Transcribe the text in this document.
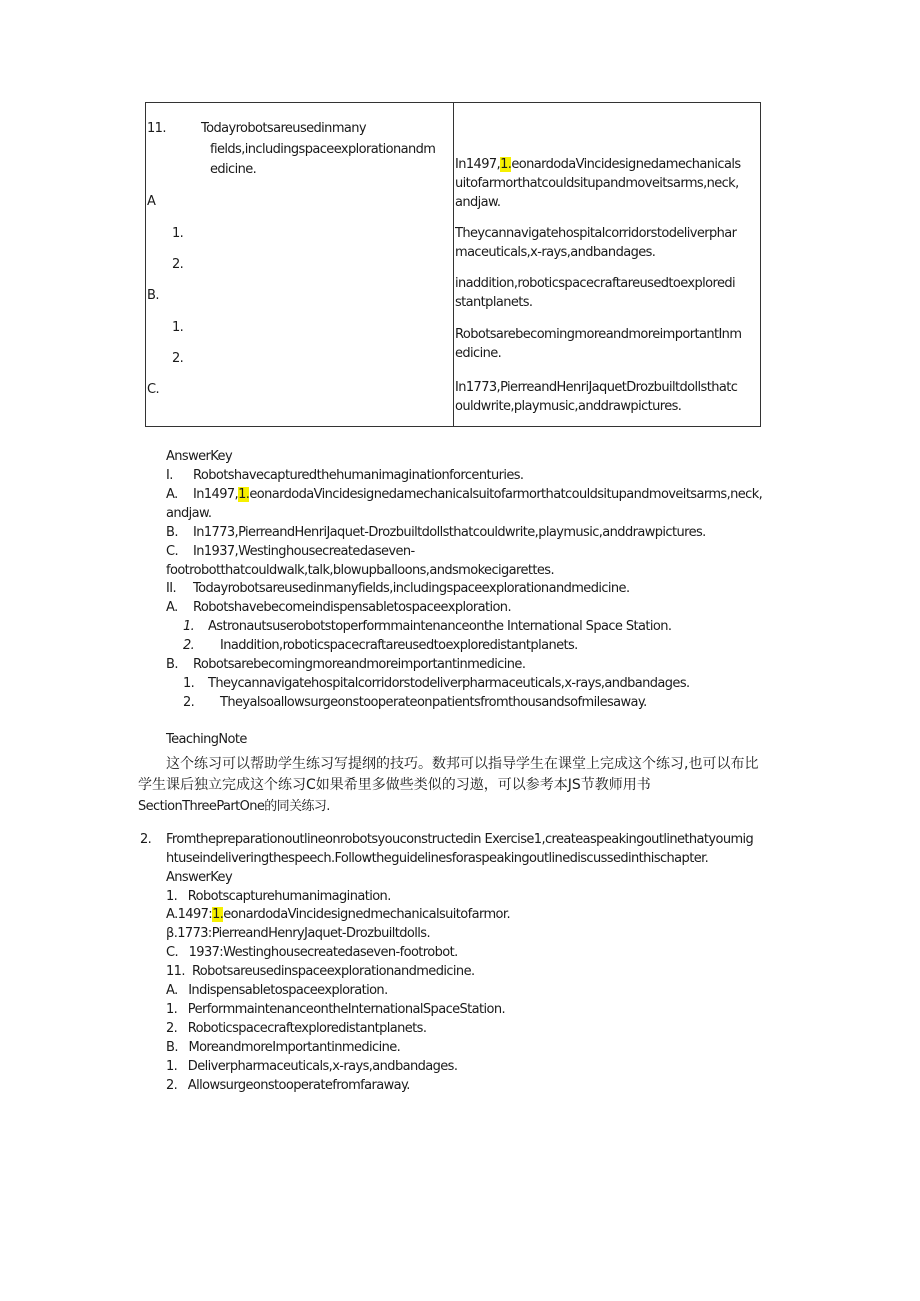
11.	Todayrobotsareusedinmany
fields,includingspaceexplorationandm
edicine.
A
1.
2.
B.
1.
2.
C.
In1497,1.eonardodaVincidesignedamechanicals
uitofarmorthatcouldsitupandmoveitsarms,neck,
andjaw.
Theycannavigatehospitalcorridorstodeliverphar
maceuticals,x-rays,andbandages.
inaddition,roboticspacecraftareusedtoexploredi
stantplanets.
RobotsarebecomingmoreandmoreimportantInm
edicine.
In1773,PierreandHenriJaquetDrozbuiltdollsthatc
ouldwrite,playmusic,anddrawpictures.
AnswerKey
I. Robotshavecapturedthehumanimaginationforcenturies.
A. In1497,1.eonardodaVincidesignedamechanicalsuitofarmorthatcouldsitupandmoveitsarms,neck,
andjaw.
B. In1773,PierreandHenriJaquet-Drozbuiltdollsthatcouldwrite,playmusic,anddrawpictures.
C. In1937,Westinghousecreatedaseven-
footrobotthatcouldwalk,talk,blowupballoons,andsmokecigarettes.
II. Todayrobotsareusedinmanyfields,includingspaceexplorationandmedicine.
A. Robotshavebecomeindispensabletospaceexploration.
1. Astronautsuserobotstoperformmaintenanceonthe International Space Station.
2. Inaddition,roboticspacecraftareusedtoexploredistantplanets.
B. Robotsarebecomingmoreandmoreimportantinmedicine.
1. Theycannavigatehospitalcorridorstodeliverpharmaceuticals,x-rays,andbandages.
2. Theyalsoallowsurgeonstooperateonpatientsfromthousandsofmilesaway.
TeachingNote
这个练习可以帮助学生练习写提纲的技巧。数邦可以指导学生在课堂上完成这个练习,也可以布比
学生课后独立完成这个练习C如果希里多做些类似的习遨，可以参考本JS节教师用书
SectionThreePartOne的同关练习.
2. Fromthepreparationoutlineonrobotsyouconstructedin Exercise1,createaspeakingoutlinethatyoumig
htuseindeliveringthespeech.Followtheguidelinesforaspeakingoutlinediscussedinthischapter.
AnswerKey
1.   Robotscapturehumanimagination.
A.1497:1.eonardodaVincidesignedmechanicalsuitofarmor.
β.1773:PierreandHenryJaquet-Drozbuiltdolls.
C.   1937:Westinghousecreatedaseven-footrobot.
11.  Robotsareusedinspaceexplorationandmedicine.
A.   Indispensabletospaceexploration.
1.   PerformmaintenanceontheInternationalSpaceStation.
2.   Roboticspacecraftexploredistantplanets.
B.   MoreandmoreImportantinmedicine.
1.   Deliverpharmaceuticals,x-rays,andbandages.
2.   Allowsurgeonstooperatefromfaraway.
